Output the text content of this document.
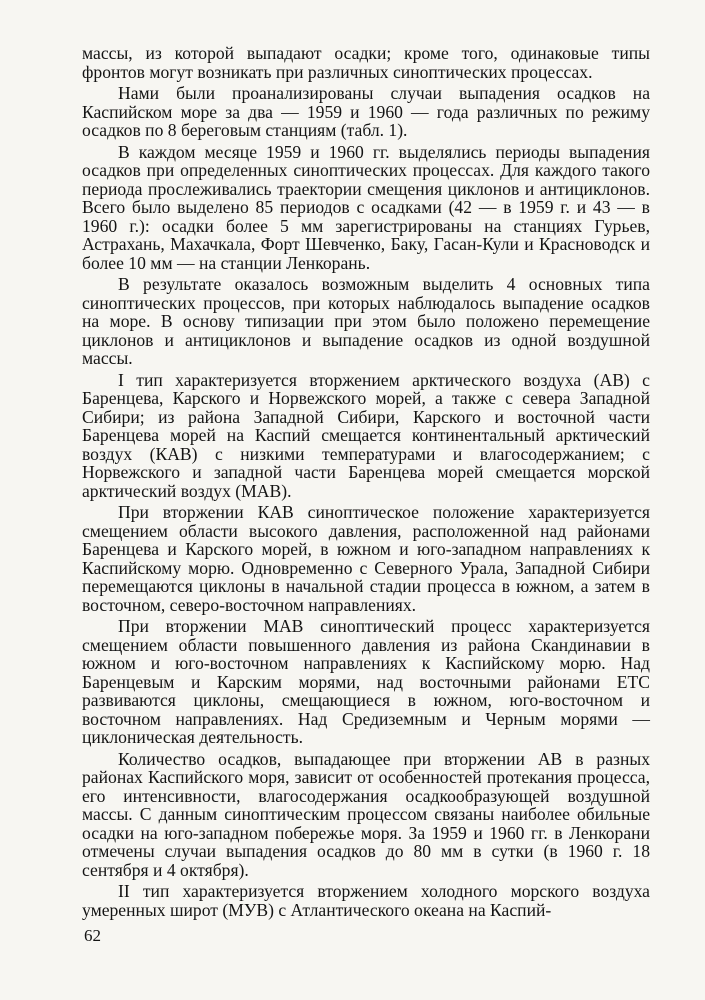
массы, из которой выпадают осадки; кроме того, одинаковые типы фронтов могут возникать при различных синоптических процессах.

Нами были проанализированы случаи выпадения осадков на Каспийском море за два — 1959 и 1960 — года различных по режиму осадков по 8 береговым станциям (табл. 1).

В каждом месяце 1959 и 1960 гг. выделялись периоды выпадения осадков при определенных синоптических процессах. Для каждого такого периода прослеживались траектории смещения циклонов и антициклонов. Всего было выделено 85 периодов с осадками (42 — в 1959 г. и 43 — в 1960 г.): осадки более 5 мм зарегистрированы на станциях Гурьев, Астрахань, Махачкала, Форт Шевченко, Баку, Гасан-Кули и Красноводск и более 10 мм — на станции Ленкорань.

В результате оказалось возможным выделить 4 основных типа синоптических процессов, при которых наблюдалось выпадение осадков на море. В основу типизации при этом было положено перемещение циклонов и антициклонов и выпадение осадков из одной воздушной массы.

I тип характеризуется вторжением арктического воздуха (АВ) с Баренцева, Карского и Норвежского морей, а также с севера Западной Сибири; из района Западной Сибири, Карского и восточной части Баренцева морей на Каспий смещается континентальный арктический воздух (КАВ) с низкими температурами и влагосодержанием; с Норвежского и западной части Баренцева морей смещается морской арктический воздух (МАВ).

При вторжении КАВ синоптическое положение характеризуется смещением области высокого давления, расположенной над районами Баренцева и Карского морей, в южном и юго-западном направлениях к Каспийскому морю. Одновременно с Северного Урала, Западной Сибири перемещаются циклоны в начальной стадии процесса в южном, а затем в восточном, северо-восточном направлениях.

При вторжении МАВ синоптический процесс характеризуется смещением области повышенного давления из района Скандинавии в южном и юго-восточном направлениях к Каспийскому морю. Над Баренцевым и Карским морями, над восточными районами ЕТС развиваются циклоны, смещающиеся в южном, юго-восточном и восточном направлениях. Над Средиземным и Черным морями — циклоническая деятельность.

Количество осадков, выпадающее при вторжении АВ в разных районах Каспийского моря, зависит от особенностей протекания процесса, его интенсивности, влагосодержания осадкообразующей воздушной массы. С данным синоптическим процессом связаны наиболее обильные осадки на юго-западном побережье моря. За 1959 и 1960 гг. в Ленкорани отмечены случаи выпадения осадков до 80 мм в сутки (в 1960 г. 18 сентября и 4 октября).

II тип характеризуется вторжением холодного морского воздуха умеренных широт (МУВ) с Атлантического океана на Каспий-

62
